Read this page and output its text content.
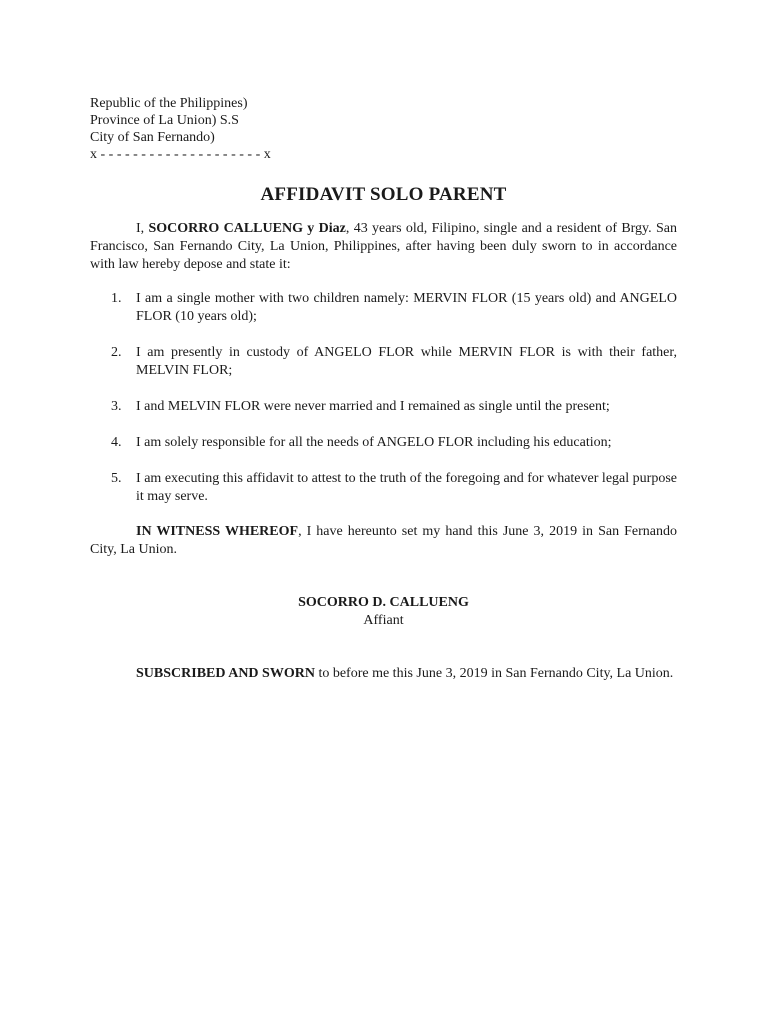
Republic of the Philippines)

Province of La Union) S.S

City of San Fernando)

x - - - - - - - - - - - - - - - - - - - - x

AFFIDAVIT SOLO PARENT

I, SOCORRO CALLUENG y Diaz, 43 years old, Filipino, single and a resident of Brgy. San Francisco, San Fernando City, La Union, Philippines, after having been duly sworn to in accordance with law hereby depose and state it:

1. I am a single mother with two children namely: MERVIN FLOR (15 years old) and ANGELO FLOR (10 years old);
2. I am presently in custody of ANGELO FLOR while MERVIN FLOR is with their father, MELVIN FLOR;
3. I and MELVIN FLOR were never married and I remained as single until the present;
4. I am solely responsible for all the needs of ANGELO FLOR including his education;
5. I am executing this affidavit to attest to the truth of the foregoing and for whatever legal purpose it may serve.

IN WITNESS WHEREOF, I have hereunto set my hand this June 3, 2019 in San Fernando City, La Union.

SOCORRO D. CALLUENG
Affiant

SUBSCRIBED AND SWORN to before me this June 3, 2019 in San Fernando City, La Union.
